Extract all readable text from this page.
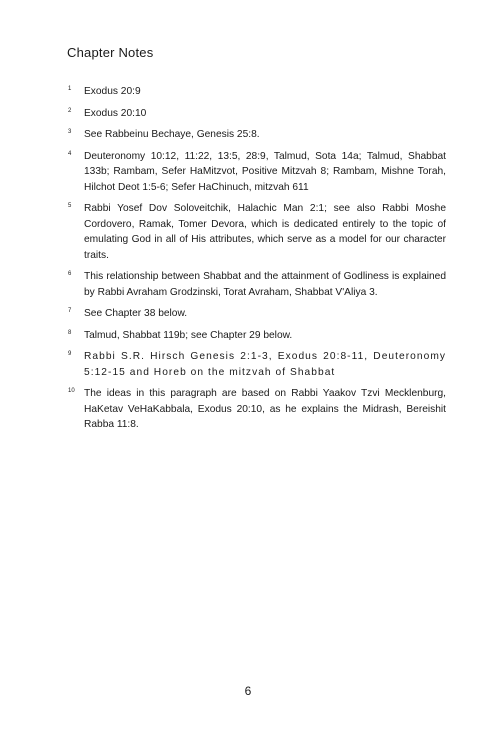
Chapter Notes
1	Exodus 20:9
2	Exodus 20:10
3	See Rabbeinu Bechaye, Genesis 25:8.
4	Deuteronomy 10:12, 11:22, 13:5, 28:9, Talmud, Sota 14a; Talmud, Shabbat 133b; Rambam, Sefer HaMitzvot, Positive Mitzvah 8; Rambam, Mishne Torah, Hilchot Deot 1:5-6; Sefer HaChinuch, mitzvah 611
5	Rabbi Yosef Dov Soloveitchik, Halachic Man 2:1; see also Rabbi Moshe Cordovero, Ramak, Tomer Devora, which is dedicated entirely to the topic of emulating God in all of His attributes, which serve as a model for our character traits.
6	This relationship between Shabbat and the attainment of Godliness is explained by Rabbi Avraham Grodzinski, Torat Avraham, Shabbat V'Aliya 3.
7	See Chapter 38 below.
8	Talmud, Shabbat 119b; see Chapter 29 below.
9	Rabbi S.R. Hirsch Genesis 2:1-3, Exodus 20:8-11, Deuteronomy 5:12-15 and Horeb on the mitzvah of Shabbat
10 The ideas in this paragraph are based on Rabbi Yaakov Tzvi Mecklenburg, HaKetav VeHaKabbala, Exodus 20:10, as he explains the Midrash, Bereishit Rabba 11:8.
6
